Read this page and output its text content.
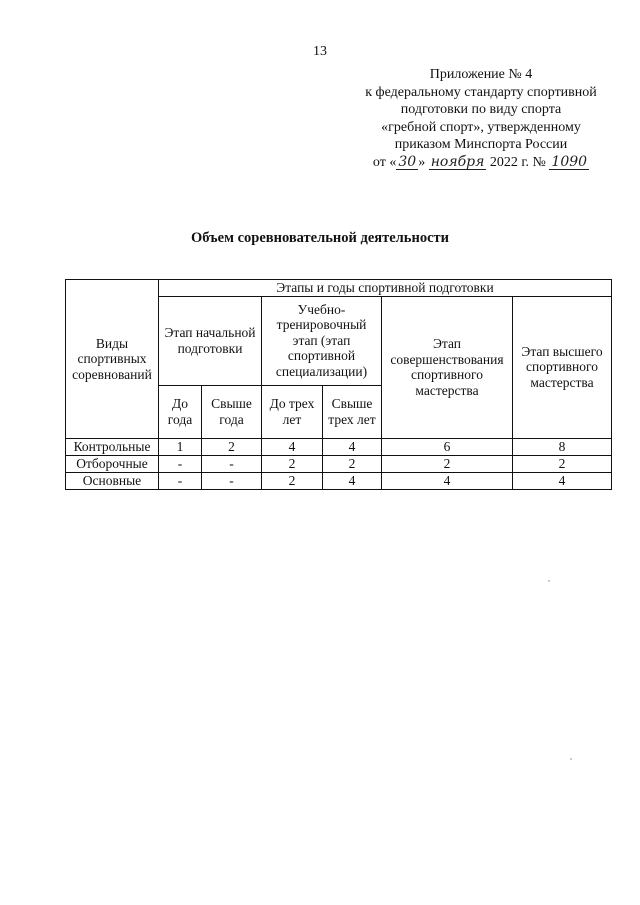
13
Приложение № 4
к федеральному стандарту спортивной
подготовки по виду спорта
«гребной спорт», утвержденному
приказом Минспорта России
от « 30 » ноября 2022 г. № 1090
Объем соревновательной деятельности
Виды спортивных соревнований	Этапы и годы спортивной подготовки					
	Этап начальной подготовки		Учебно-тренировочный этап (этап спортивной специализации)		Этап совершенствования спортивного мастерства	Этап высшего спортивного мастерства
	До года	Свыше года	До трех лет	Свыше трех лет		
Контрольные	1	2	4	4	6	8
Отборочные	-	-	2	2	2	2
Основные	-	-	2	4	4	4
